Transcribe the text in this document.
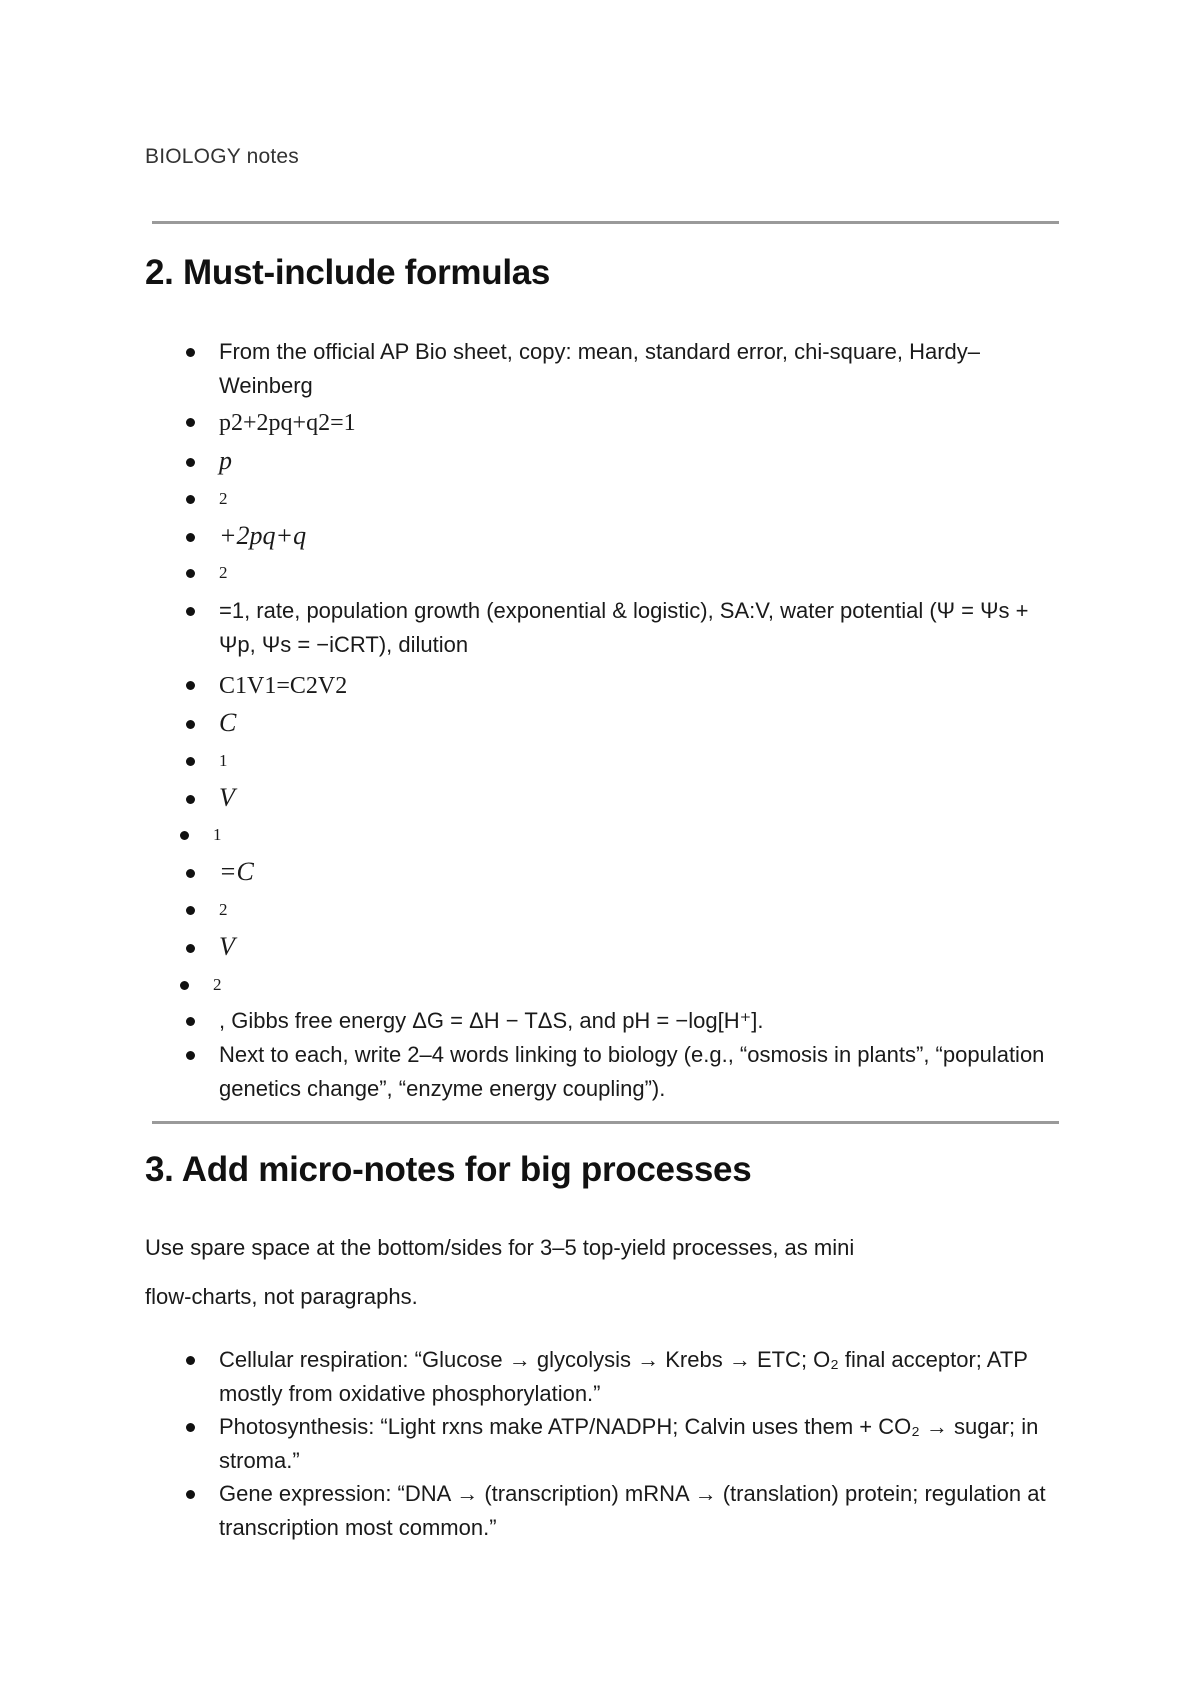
BIOLOGY notes
2. Must-include formulas
From the official AP Bio sheet, copy: mean, standard error, chi-square, Hardy–Weinberg
p2+2pq+q2=1
p
2
+2pq+q
2
=1, rate, population growth (exponential & logistic), SA:V, water potential (Ψ = Ψs + Ψp, Ψs = −iCRT), dilution
C1V1=C2V2
C
1
V
1
=C
2
V
2
, Gibbs free energy ΔG = ΔH − TΔS, and pH = −log[H⁺].
Next to each, write 2–4 words linking to biology (e.g., “osmosis in plants”, “population genetics change”, “enzyme energy coupling”).
3. Add micro-notes for big processes
Use spare space at the bottom/sides for 3–5 top-yield processes, as mini
flow-charts, not paragraphs.
Cellular respiration: “Glucose → glycolysis → Krebs → ETC; O₂ final acceptor; ATP mostly from oxidative phosphorylation.”
Photosynthesis: “Light rxns make ATP/NADPH; Calvin uses them + CO₂ → sugar; in stroma.”
Gene expression: “DNA → (transcription) mRNA → (translation) protein; regulation at transcription most common.”
